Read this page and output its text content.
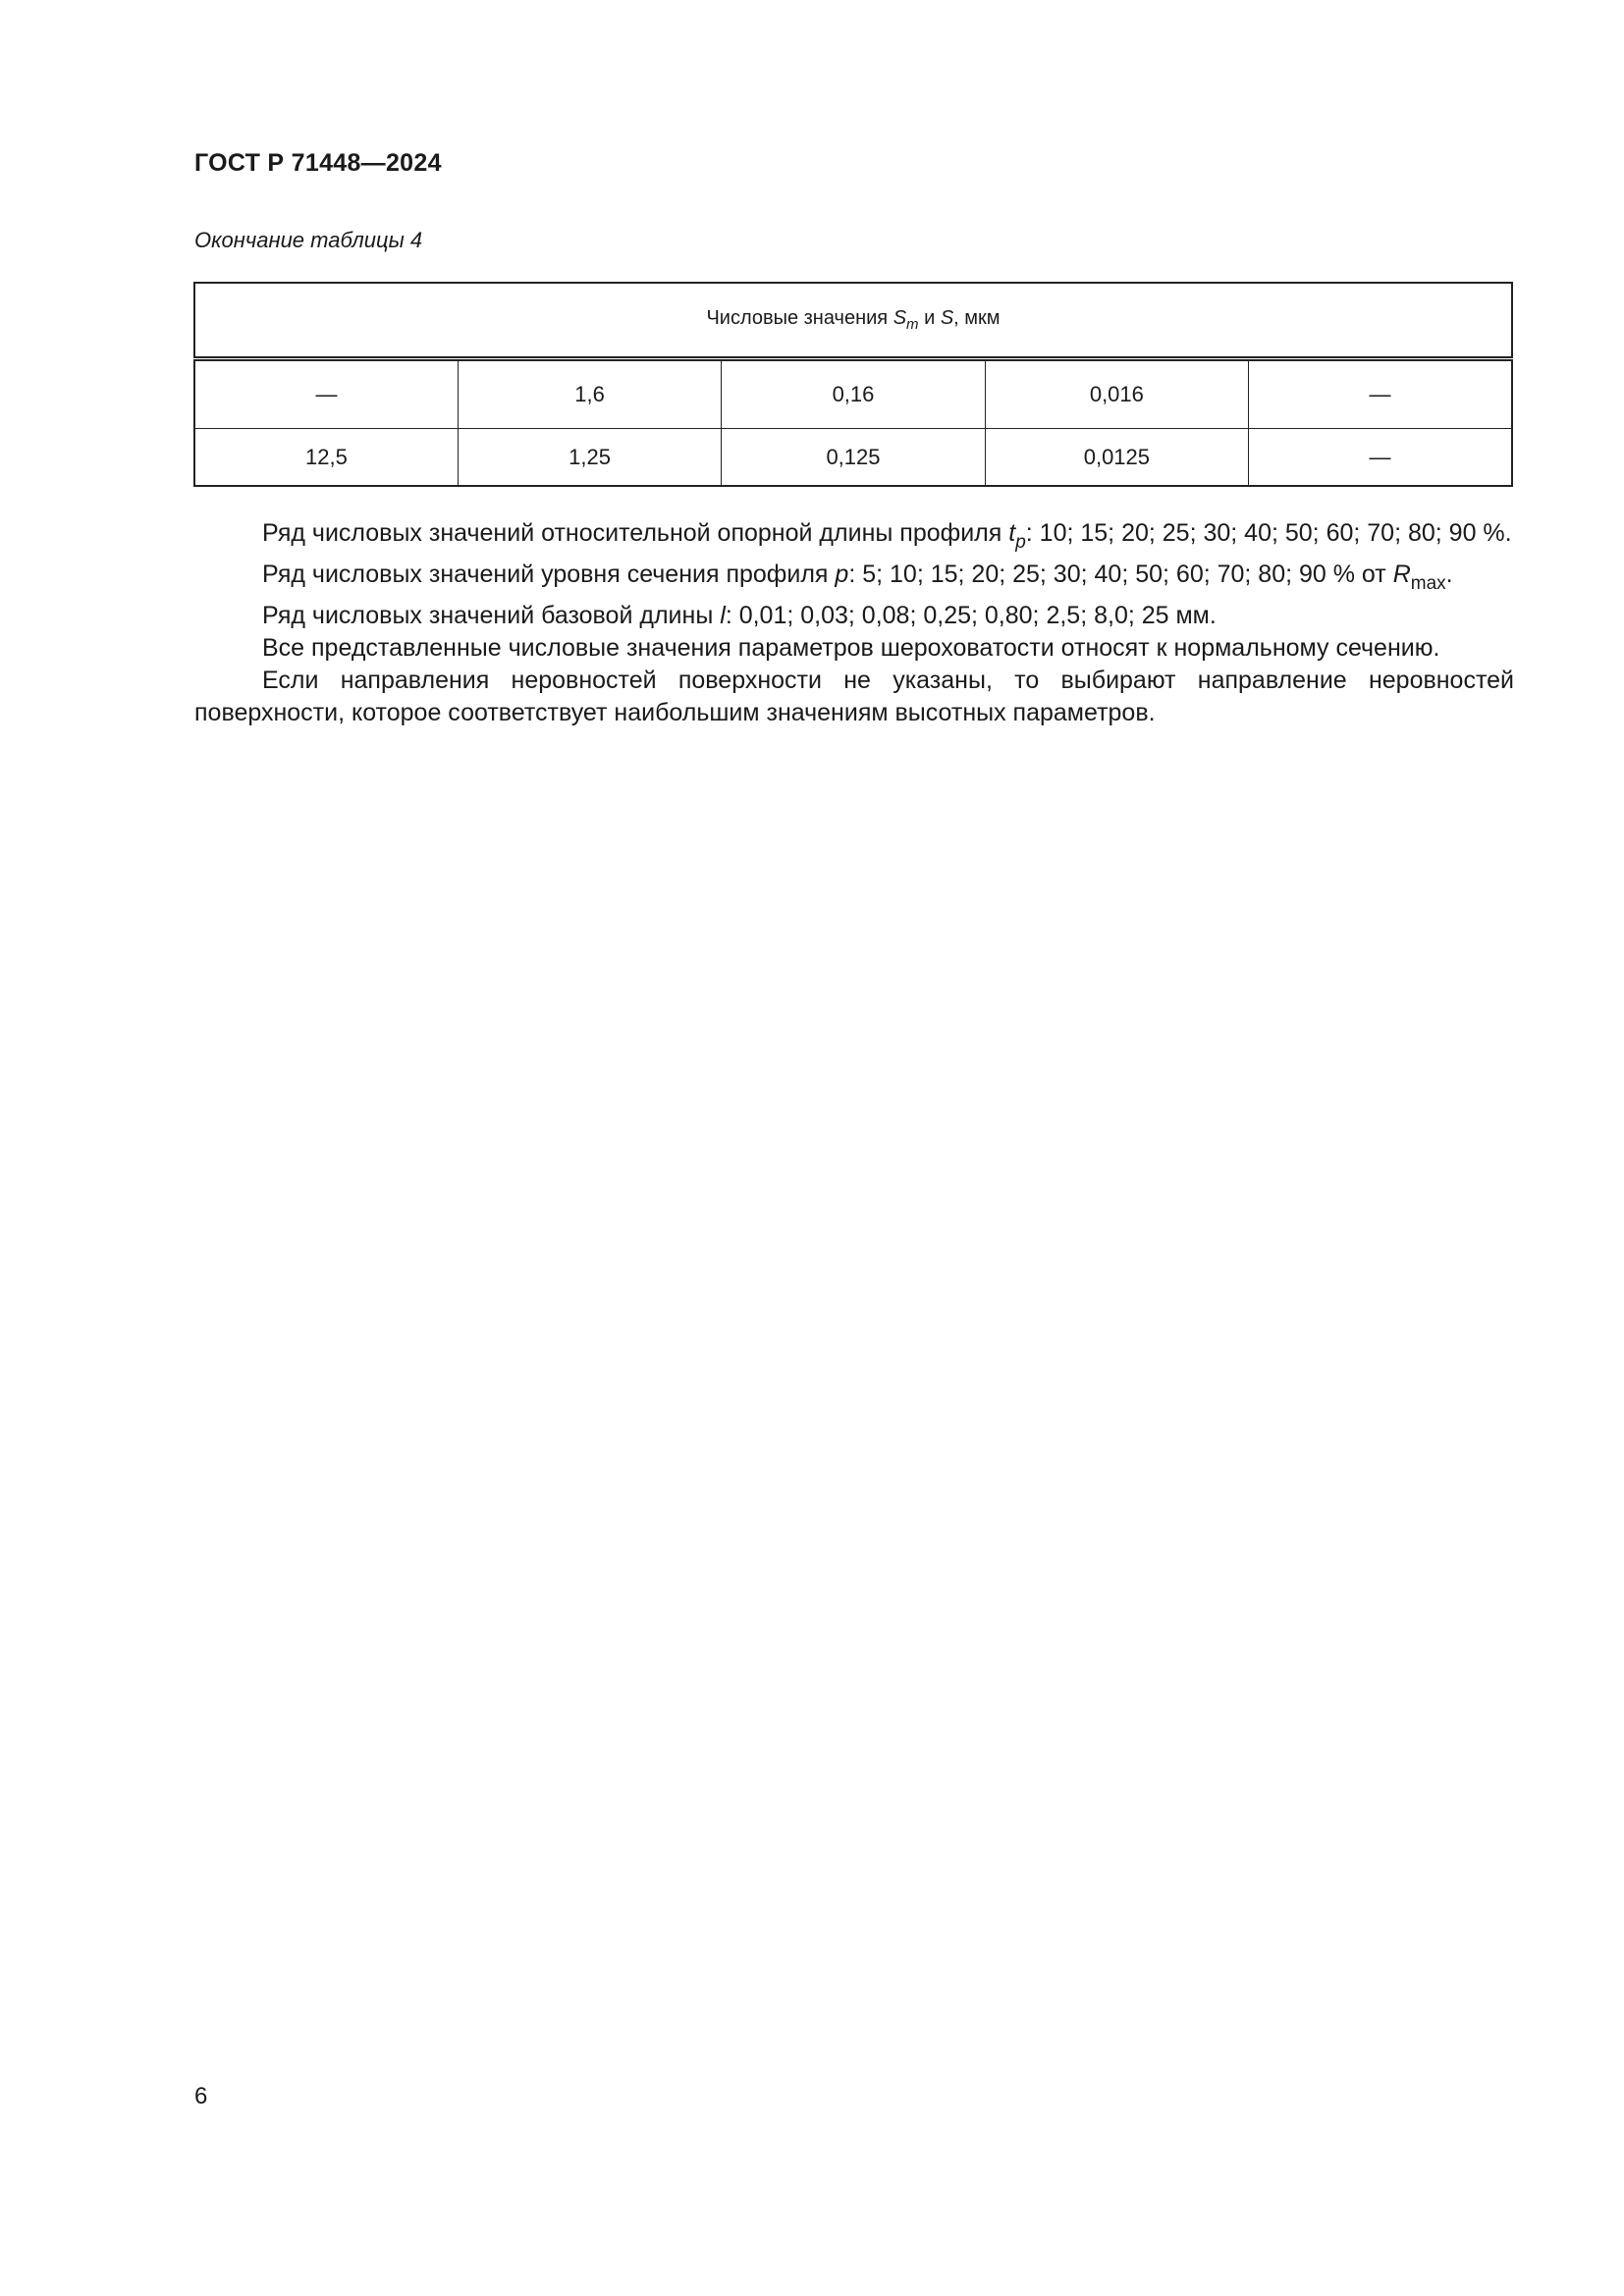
ГОСТ Р 71448—2024
Окончание таблицы 4
Числовые значения $S_m$ и S, мкм				
—	1,6	0,16	0,016	—
12,5	1,25	0,125	0,0125	—

Ряд числовых значений относительной опорной длины профиля $t_p$: 10; 15; 20; 25; 30; 40; 50; 60; 70; 80; 90 %.

Ряд числовых значений уровня сечения профиля p: 5; 10; 15; 20; 25; 30; 40; 50; 60; 70; 80; 90 % от $R_{max}$.

Ряд числовых значений базовой длины l: 0,01; 0,03; 0,08; 0,25; 0,80; 2,5; 8,0; 25 мм.

Все представленные числовые значения параметров шероховатости относят к нормальному сечению.

Если направления неровностей поверхности не указаны, то выбирают направление неровностей поверхности, которое соответствует наибольшим значениям высотных параметров.

6
